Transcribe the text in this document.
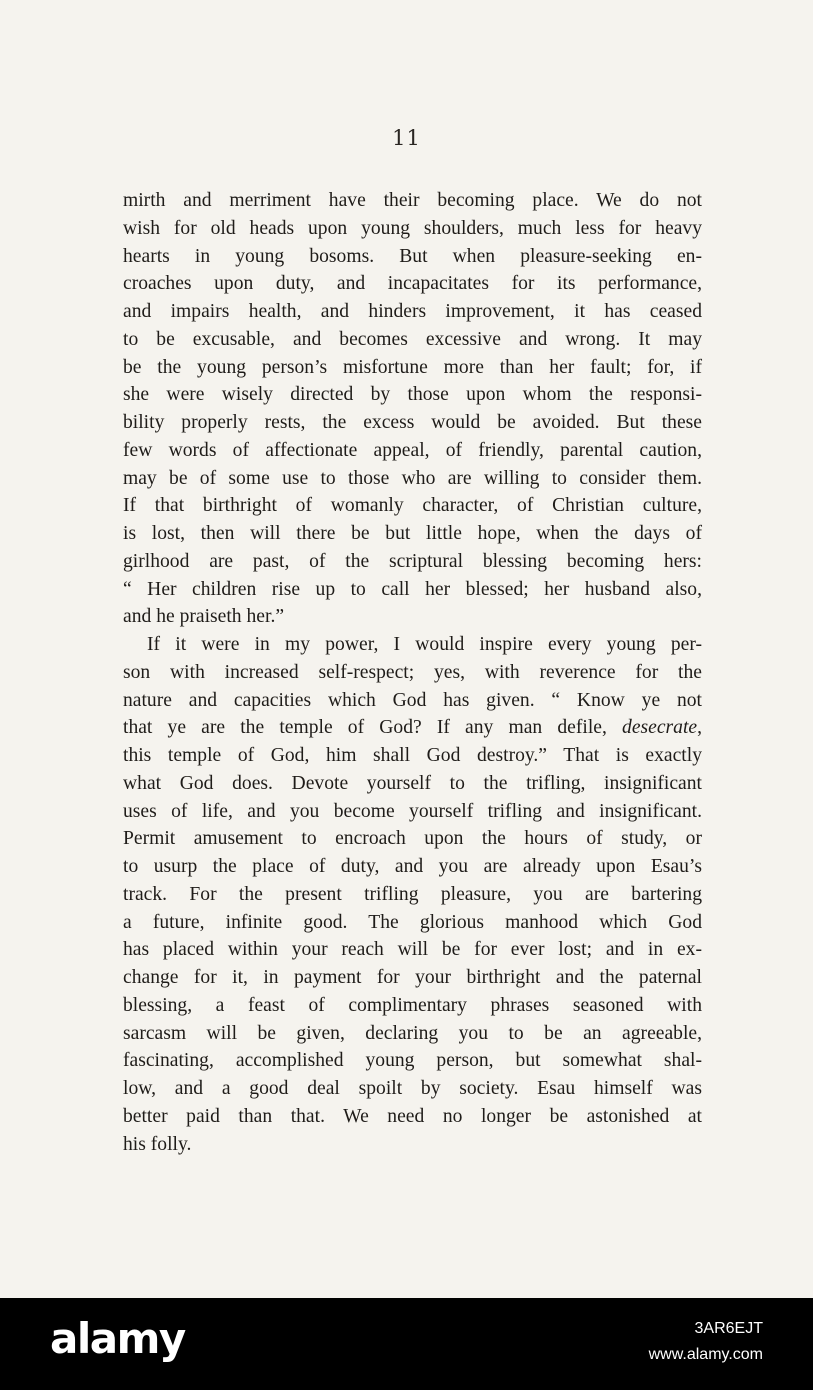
11
mirth and merriment have their becoming place. We do not
wish for old heads upon young shoulders, much less for heavy
hearts in young bosoms. But when pleasure-seeking en-
croaches upon duty, and incapacitates for its performance,
and impairs health, and hinders improvement, it has ceased
to be excusable, and becomes excessive and wrong. It may
be the young person’s misfortune more than her fault; for, if
she were wisely directed by those upon whom the responsi-
bility properly rests, the excess would be avoided. But these
few words of affectionate appeal, of friendly, parental caution,
may be of some use to those who are willing to consider them.
If that birthright of womanly character, of Christian culture,
is lost, then will there be but little hope, when the days of
girlhood are past, of the scriptural blessing becoming hers:
“ Her children rise up to call her blessed; her husband also,
and he praiseth her.”
If it were in my power, I would inspire every young per-
son with increased self-respect; yes, with reverence for the
nature and capacities which God has given. “ Know ye not
that ye are the temple of God? If any man defile, desecrate,
this temple of God, him shall God destroy.” That is exactly
what God does. Devote yourself to the trifling, insignificant
uses of life, and you become yourself trifling and insignificant.
Permit amusement to encroach upon the hours of study, or
to usurp the place of duty, and you are already upon Esau’s
track. For the present trifling pleasure, you are bartering
a future, infinite good. The glorious manhood which God
has placed within your reach will be for ever lost; and in ex-
change for it, in payment for your birthright and the paternal
blessing, a feast of complimentary phrases seasoned with
sarcasm will be given, declaring you to be an agreeable,
fascinating, accomplished young person, but somewhat shal-
low, and a good deal spoilt by society. Esau himself was
better paid than that. We need no longer be astonished at
his folly.
alamy	3AR6EJT
www.alamy.com
